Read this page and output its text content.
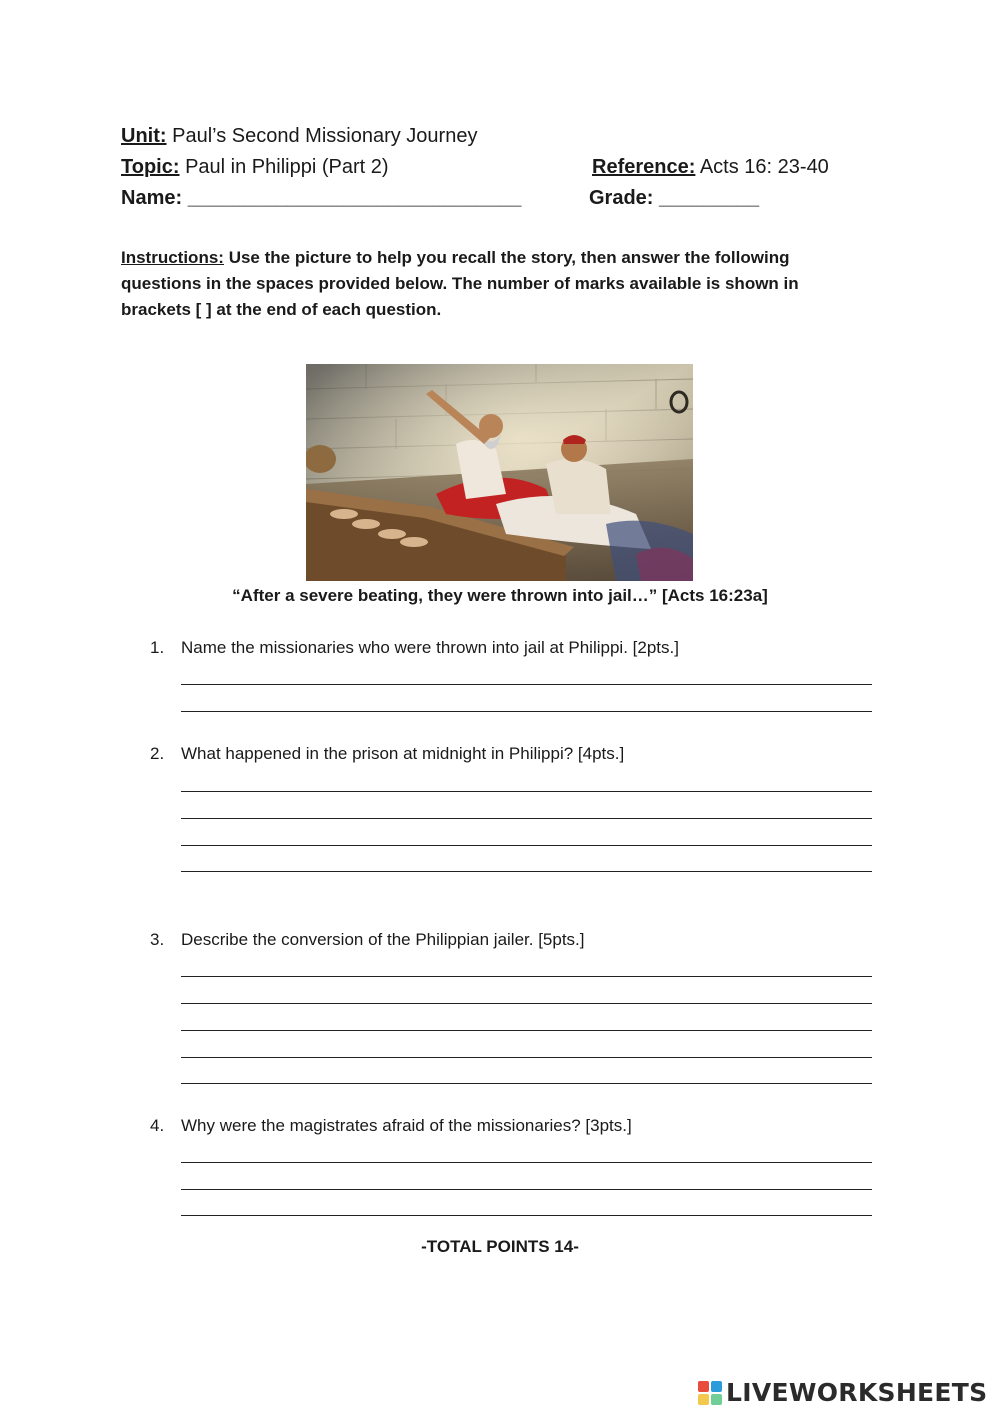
Unit: Paul’s Second Missionary Journey
Topic: Paul in Philippi (Part 2)	Reference: Acts 16: 23-40
Name: ______________________________	Grade: _________
Instructions: Use the picture to help you recall the story, then answer the following questions in the spaces provided below. The number of marks available is shown in brackets [ ] at the end of each question.
“After a severe beating, they were thrown into jail…” [Acts 16:23a]
1. Name the missionaries who were thrown into jail at Philippi. [2pts.]
2. What happened in the prison at midnight in Philippi? [4pts.]
3. Describe the conversion of the Philippian jailer. [5pts.]
4. Why were the magistrates afraid of the missionaries? [3pts.]
-TOTAL POINTS 14-
LIVEWORKSHEETS
